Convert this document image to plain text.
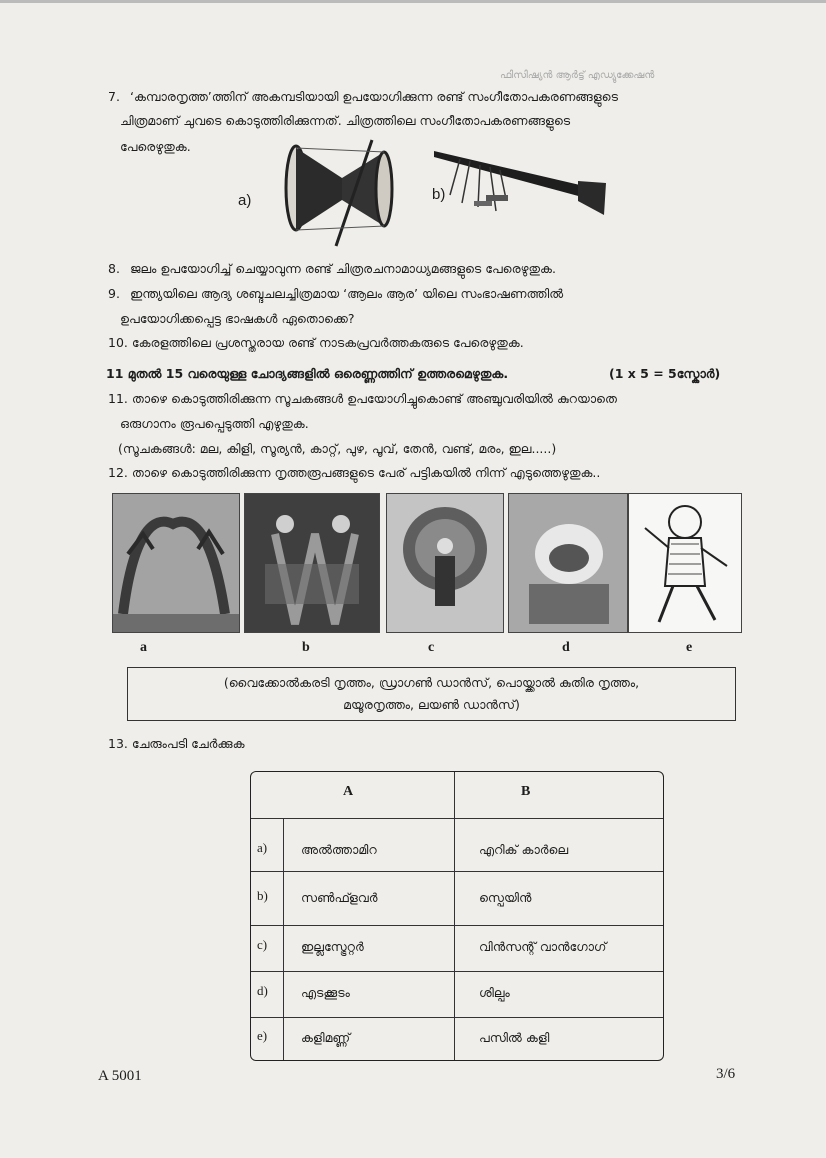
ഫിസിഷ്യൻ ആർട്ട് എഡ്യുക്കേഷൻ
7. ‘കമ്പാരനൃത്ത’ത്തിന് അകമ്പടിയായി ഉപയോഗിക്കുന്ന രണ്ട് സംഗീതോപകരണങ്ങളുടെ
ചിത്രമാണ് ചുവടെ കൊടുത്തിരിക്കുന്നത്. ചിത്രത്തിലെ സംഗീതോപകരണങ്ങളുടെ
പേരെഴുതുക.
a)	b)
8. ജലം ഉപയോഗിച്ച് ചെയ്യാവുന്ന രണ്ട് ചിത്രരചനാമാധ്യമങ്ങളുടെ പേരെഴുതുക.
9. ഇന്ത്യയിലെ ആദ്യ ശബ്ദചലച്ചിത്രമായ ‘ആലം ആര’ യിലെ സംഭാഷണത്തിൽ
ഉപയോഗിക്കപ്പെട്ട ഭാഷകൾ ഏതൊക്കെ?
10. കേരളത്തിലെ പ്രശസ്തരായ രണ്ട് നാടകപ്രവർത്തകരുടെ പേരെഴുതുക.
11 മുതൽ 15 വരെയുള്ള ചോദ്യങ്ങളിൽ ഒരെണ്ണത്തിന് ഉത്തരമെഴുതുക.	(1 x 5 = 5സ്കോർ)
11. താഴെ കൊടുത്തിരിക്കുന്ന സൂചകങ്ങൾ ഉപയോഗിച്ചുകൊണ്ട് അഞ്ചുവരിയിൽ കുറയാതെ
ഒരുഗാനം രൂപപ്പെടുത്തി എഴുതുക.
(സൂചകങ്ങൾ: മല, കിളി, സൂര്യൻ, കാറ്റ്, പുഴ, പൂവ്, തേൻ, വണ്ട്, മരം, ഇല.....)
12. താഴെ കൊടുത്തിരിക്കുന്ന നൃത്തരൂപങ്ങളുടെ പേര് പട്ടികയിൽ നിന്ന് എടുത്തെഴുതുക..
a	b	c	d	e
(വൈക്കോൽകരടി നൃത്തം, ഡ്രാഗൺ ഡാൻസ്, പൊയ്ക്കാൽ കുതിര നൃത്തം,
മയൂരനൃത്തം, ലയൺ ഡാൻസ്)
13. ചേരുംപടി ചേർക്കുക
A	B
a)	അൽത്താമിറ	എറിക് കാർലെ
b)	സൺഫ്ളവർ	സ്പെയിൻ
c)	ഇല്ലസ്ട്രേറ്റർ	വിൻസന്റ് വാൻഗോഗ്
d)	എടക്കൂടം	ശില്പം
e)	കളിമണ്ണ്	പസിൽ കളി
A 5001	3/6
